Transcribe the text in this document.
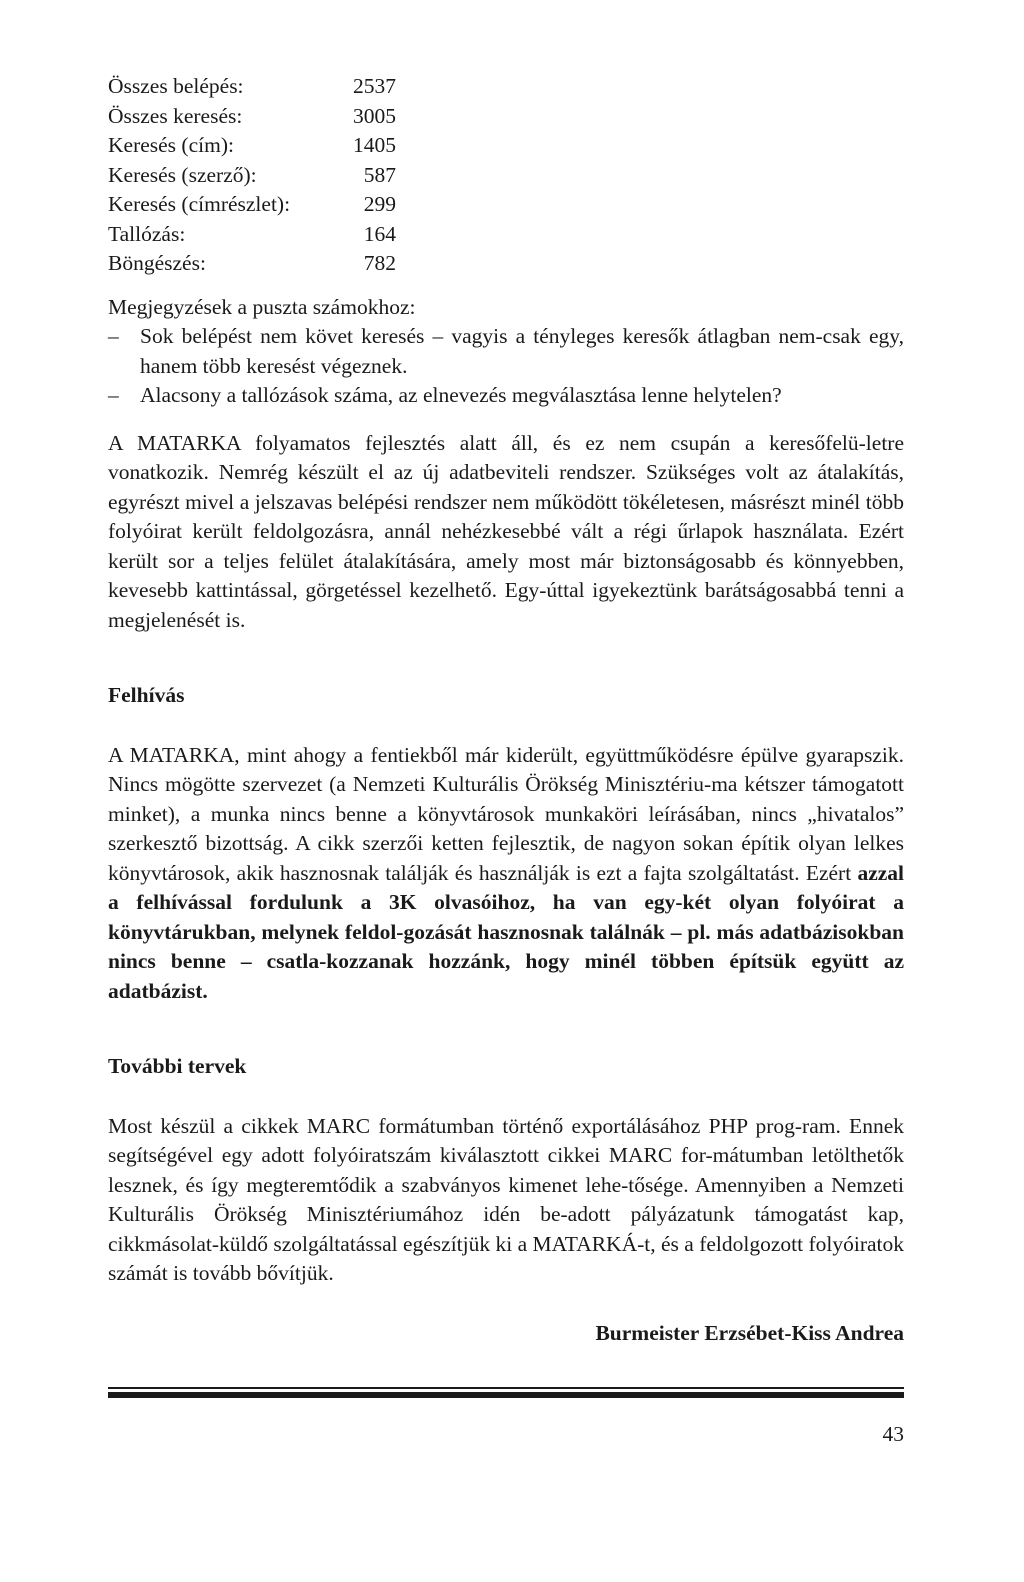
Összes belépés:	2537
Összes keresés:	3005
Keresés (cím):	1405
Keresés (szerző):	587
Keresés (címrészlet):	299
Tallózás:	164
Böngészés:	782

Megjegyzések a puszta számokhoz:

– Sok belépést nem követ keresés – vagyis a tényleges keresők átlagban nem-csak egy, hanem több keresést végeznek.
– Alacsony a tallózások száma, az elnevezés megválasztása lenne helytelen?

A MATARKA folyamatos fejlesztés alatt áll, és ez nem csupán a keresőfelü-letre vonatkozik. Nemrég készült el az új adatbeviteli rendszer. Szükséges volt az átalakítás, egyrészt mivel a jelszavas belépési rendszer nem működött tökéletesen, másrészt minél több folyóirat került feldolgozásra, annál nehézkesebbé vált a régi űrlapok használata. Ezért került sor a teljes felület átalakítására, amely most már biztonságosabb és könnyebben, kevesebb kattintással, görgetéssel kezelhető. Egy-úttal igyekeztünk barátságosabbá tenni a megjelenését is.

Felhívás

A MATARKA, mint ahogy a fentiekből már kiderült, együttműködésre épülve gyarapszik. Nincs mögötte szervezet (a Nemzeti Kulturális Örökség Minisztériu-ma kétszer támogatott minket), a munka nincs benne a könyvtárosok munkaköri leírásában, nincs „hivatalos” szerkesztő bizottság. A cikk szerzői ketten fejlesztik, de nagyon sokan építik olyan lelkes könyvtárosok, akik hasznosnak találják és használják is ezt a fajta szolgáltatást. Ezért azzal a felhívással fordulunk a 3K olvasóihoz, ha van egy-két olyan folyóirat a könyvtárukban, melynek feldol-gozását hasznosnak találnák – pl. más adatbázisokban nincs benne – csatla-kozzanak hozzánk, hogy minél többen építsük együtt az adatbázist.

További tervek

Most készül a cikkek MARC formátumban történő exportálásához PHP prog-ram. Ennek segítségével egy adott folyóiratszám kiválasztott cikkei MARC for-mátumban letölthetők lesznek, és így megteremtődik a szabványos kimenet lehe-tősége. Amennyiben a Nemzeti Kulturális Örökség Minisztériumához idén be-adott pályázatunk támogatást kap, cikkmásolat-küldő szolgáltatással egészítjük ki a MATARKÁ-t, és a feldolgozott folyóiratok számát is tovább bővítjük.

Burmeister Erzsébet-Kiss Andrea
43
